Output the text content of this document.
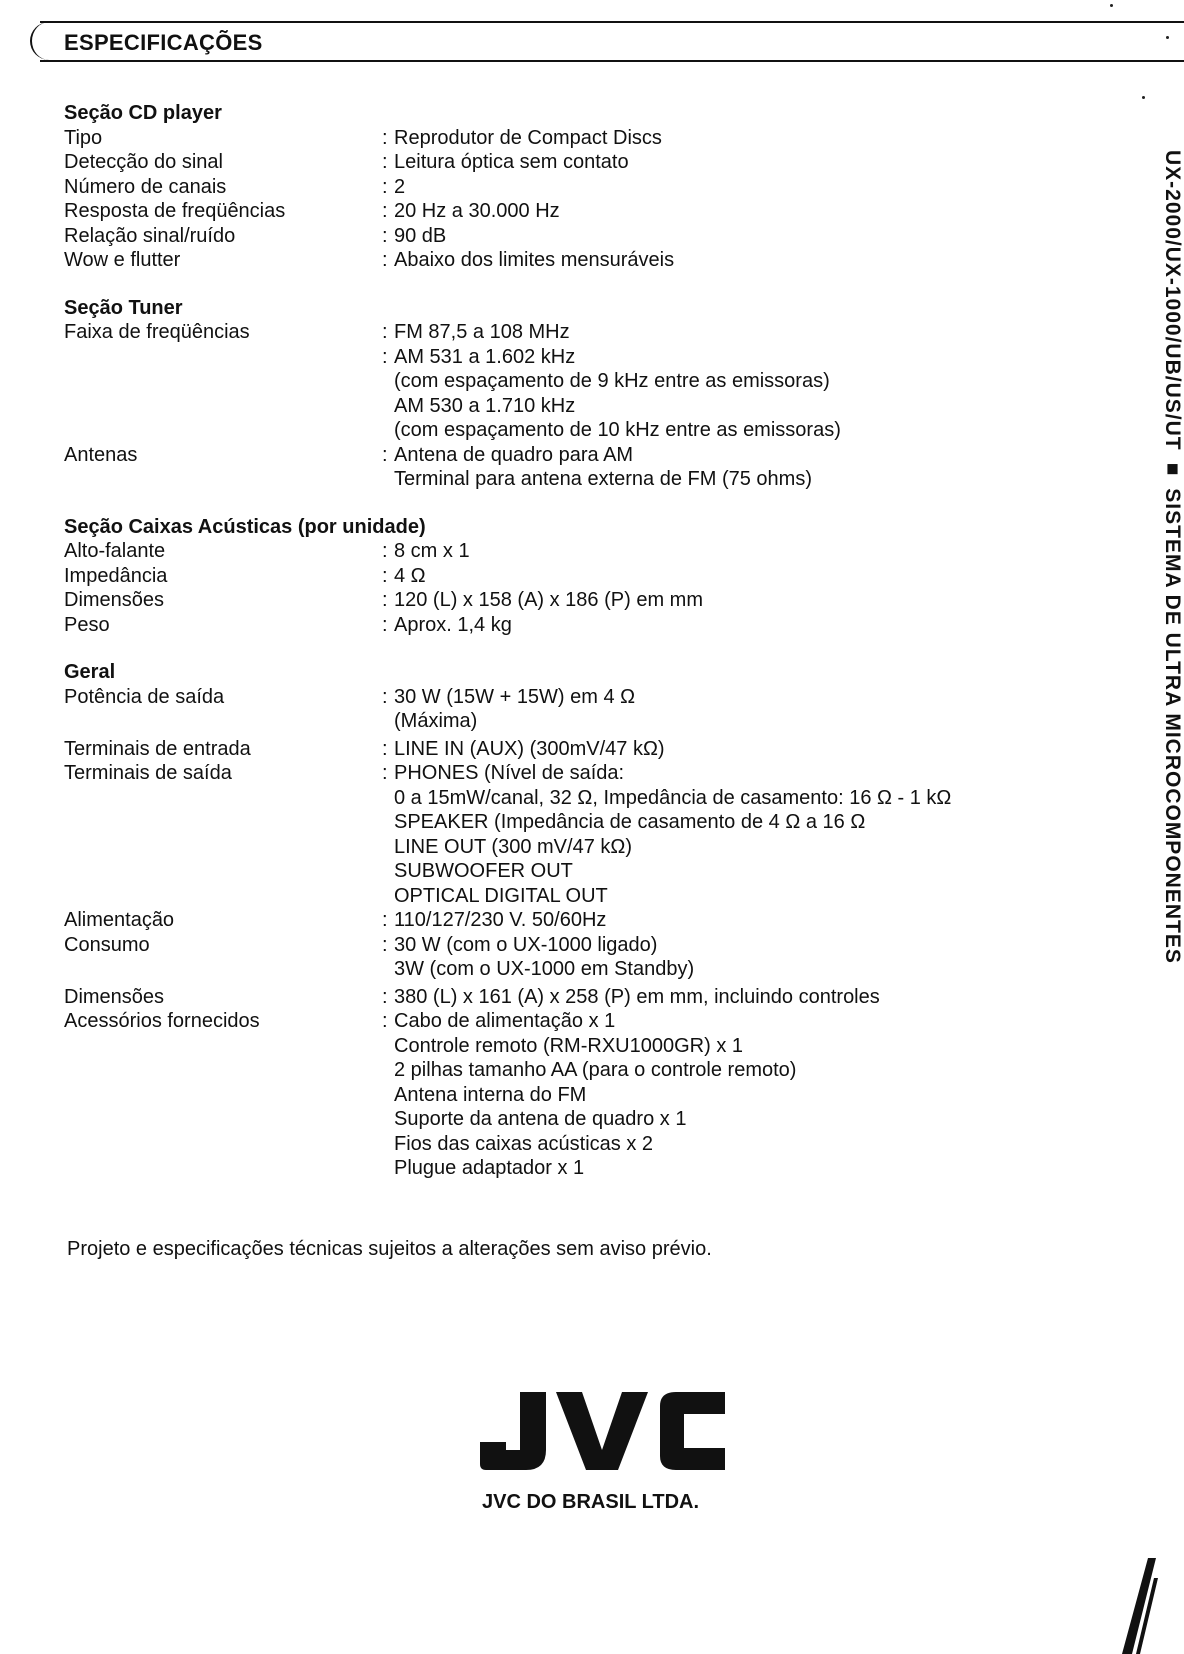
ESPECIFICAÇÕES
UX-2000/UX-1000/UB/US/UT ■ SISTEMA DE ULTRA MICROCOMPONENTES
Seção CD player
Tipo	: Reprodutor de Compact Discs
Detecção do sinal	: Leitura óptica sem contato
Número de canais	: 2
Resposta de freqüências	: 20 Hz a 30.000 Hz
Relação sinal/ruído	: 90 dB
Wow e flutter	: Abaixo dos limites mensuráveis
Seção Tuner
Faixa de freqüências	: FM 87,5 a 108 MHz
: AM 531 a 1.602 kHz
(com espaçamento de 9 kHz entre as emissoras)
AM 530 a 1.710 kHz
(com espaçamento de 10 kHz entre as emissoras)
Antenas	: Antena de quadro para AM
Terminal para antena externa de FM (75 ohms)
Seção Caixas Acústicas (por unidade)
Alto-falante	: 8 cm x 1
Impedância	: 4 Ω
Dimensões	: 120 (L) x 158 (A) x 186 (P) em mm
Peso	: Aprox. 1,4 kg
Geral
Potência de saída	: 30 W (15W + 15W) em 4 Ω
(Máxima)
Terminais de entrada	: LINE IN (AUX) (300mV/47 kΩ)
Terminais de saída	: PHONES (Nível de saída:
0 a 15mW/canal, 32 Ω, Impedância de casamento: 16 Ω - 1 kΩ
SPEAKER (Impedância de casamento de 4 Ω a 16 Ω
LINE OUT (300 mV/47 kΩ)
SUBWOOFER OUT
OPTICAL DIGITAL OUT
Alimentação	: 110/127/230 V. 50/60Hz
Consumo	: 30 W (com o UX-1000 ligado)
3W (com o UX-1000 em Standby)
Dimensões	: 380 (L) x 161 (A) x 258 (P) em mm, incluindo controles
Acessórios fornecidos	: Cabo de alimentação x 1
Controle remoto (RM-RXU1000GR) x 1
2 pilhas tamanho AA (para o controle remoto)
Antena interna do FM
Suporte da antena de quadro x 1
Fios das caixas acústicas x 2
Plugue adaptador x 1
Projeto e especificações técnicas sujeitos a alterações sem aviso prévio.
JVC
JVC DO BRASIL LTDA.
